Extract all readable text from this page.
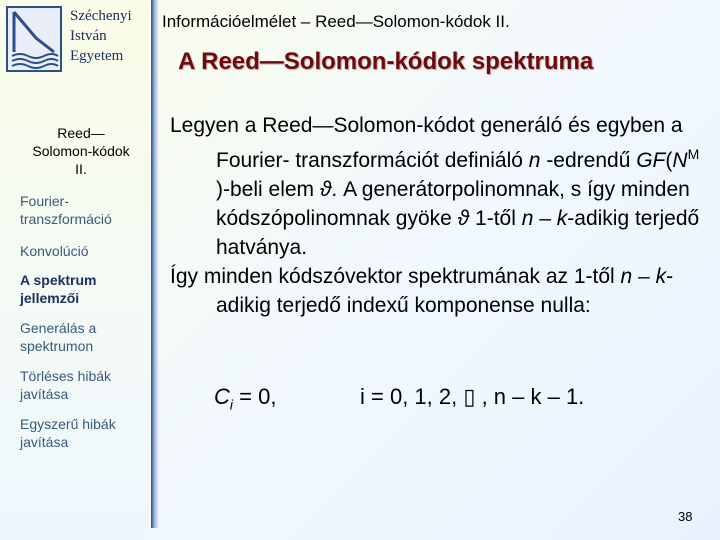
Széchenyi
István
Egyetem
Reed—
Solomon-kódok
II.
Fourier-
transzformáció
Konvolúció
A spektrum
jellemzői
Generálás a
spektrumon
Törléses hibák
javítása
Egyszerű hibák
javítása
Információelmélet – Reed—Solomon-kódok II.
A Reed—Solomon-kódok spektruma

Legyen a Reed—Solomon-kódot generáló és egyben a Fourier- transzformációt definiáló n -edrendű $GF(N^M$ )-beli elem ϑ. A generátorpolinomnak, s így minden kódszópolinomnak gyöke ϑ 1-től n – k-adikig terjedő hatványa.

Így minden kódszóvektor spektrumának az 1-től n – k-adikig terjedő indexű komponense nulla:

$C_i = 0$,	i = 0, 1, 2, ▯ , n – k – 1.
38
